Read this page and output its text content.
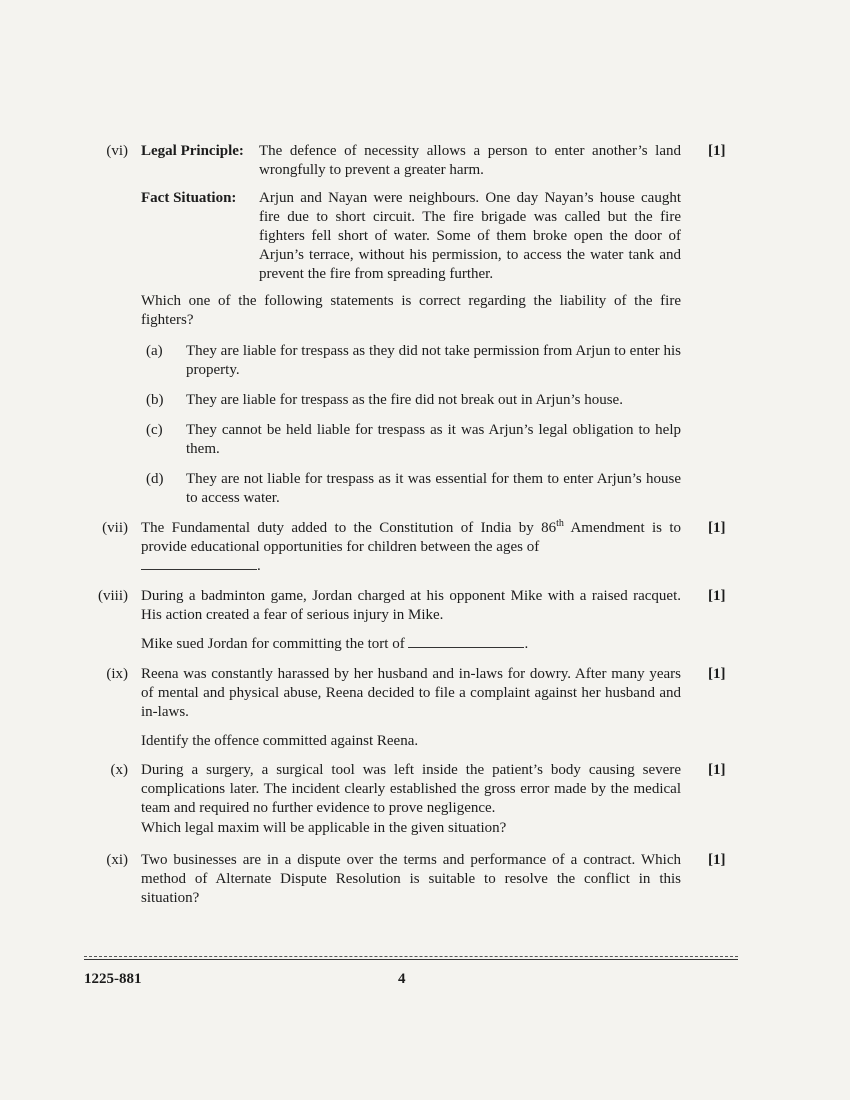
(vi) Legal Principle: The defence of necessity allows a person to enter another’s land wrongfully to prevent a greater harm.
[1]
Fact Situation: Arjun and Nayan were neighbours. One day Nayan’s house caught fire due to short circuit. The fire brigade was called but the fire fighters fell short of water. Some of them broke open the door of Arjun’s terrace, without his permission, to access the water tank and prevent the fire from spreading further.
Which one of the following statements is correct regarding the liability of the fire fighters?
(a) They are liable for trespass as they did not take permission from Arjun to enter his property.
(b) They are liable for trespass as the fire did not break out in Arjun’s house.
(c) They cannot be held liable for trespass as it was Arjun’s legal obligation to help them.
(d) They are not liable for trespass as it was essential for them to enter Arjun’s house to access water.
(vii) The Fundamental duty added to the Constitution of India by 86th Amendment is to provide educational opportunities for children between the ages of
.
[1]
(viii) During a badminton game, Jordan charged at his opponent Mike with a raised racquet. His action created a fear of serious injury in Mike.
[1]
Mike sued Jordan for committing the tort of	.
(ix) Reena was constantly harassed by her husband and in-laws for dowry. After many years of mental and physical abuse, Reena decided to file a complaint against her husband and in-laws.
[1]
Identify the offence committed against Reena.
(x) During a surgery, a surgical tool was left inside the patient’s body causing severe complications later. The incident clearly established the gross error made by the medical team and required no further evidence to prove negligence.
[1]
Which legal maxim will be applicable in the given situation?
(xi) Two businesses are in a dispute over the terms and performance of a contract. Which method of Alternate Dispute Resolution is suitable to resolve the conflict in this situation?
[1]
1225-881	4
